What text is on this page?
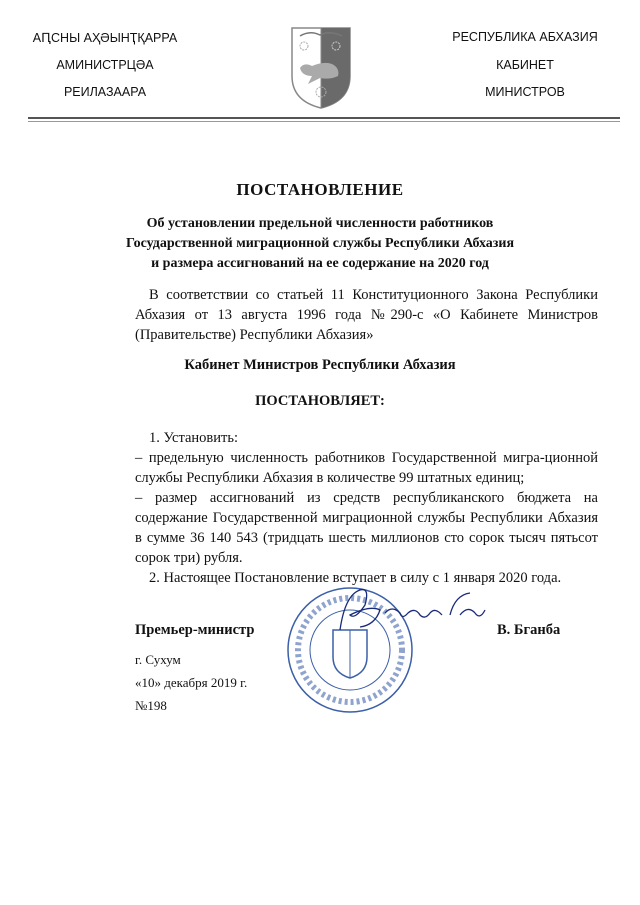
АԤСНЫ АҲӘЫНҬҚАРРА
АМИНИСТРЦӘА
РЕИЛАЗААРА
РЕСПУБЛИКА АБХАЗИЯ
КАБИНЕТ
МИНИСТРОВ
ПОСТАНОВЛЕНИЕ
Об установлении предельной численности работников
Государственной миграционной службы Республики Абхазия
и размера ассигнований на ее содержание на 2020 год

В соответствии со статьей 11 Конституционного Закона Республики Абхазия от 13 августа 1996 года №290-с «О Кабинете Министров (Правительстве) Республики Абхазия»

Кабинет Министров Республики Абхазия
ПОСТАНОВЛЯЕТ:

1. Установить:

– предельную численность работников Государственной мигра-ционной службы Республики Абхазия в количестве 99 штатных единиц;

– размер ассигнований из средств республиканского бюджета на содержание Государственной миграционной службы Республики Абхазия в сумме 36 140 543 (тридцать шесть миллионов сто сорок тысяч пятьсот сорок три) рубля.

2. Настоящее Постановление вступает в силу с 1 января 2020 года.

Премьер-министр	В. Бганба
г. Сухум
«10» декабря 2019 г.
№198
